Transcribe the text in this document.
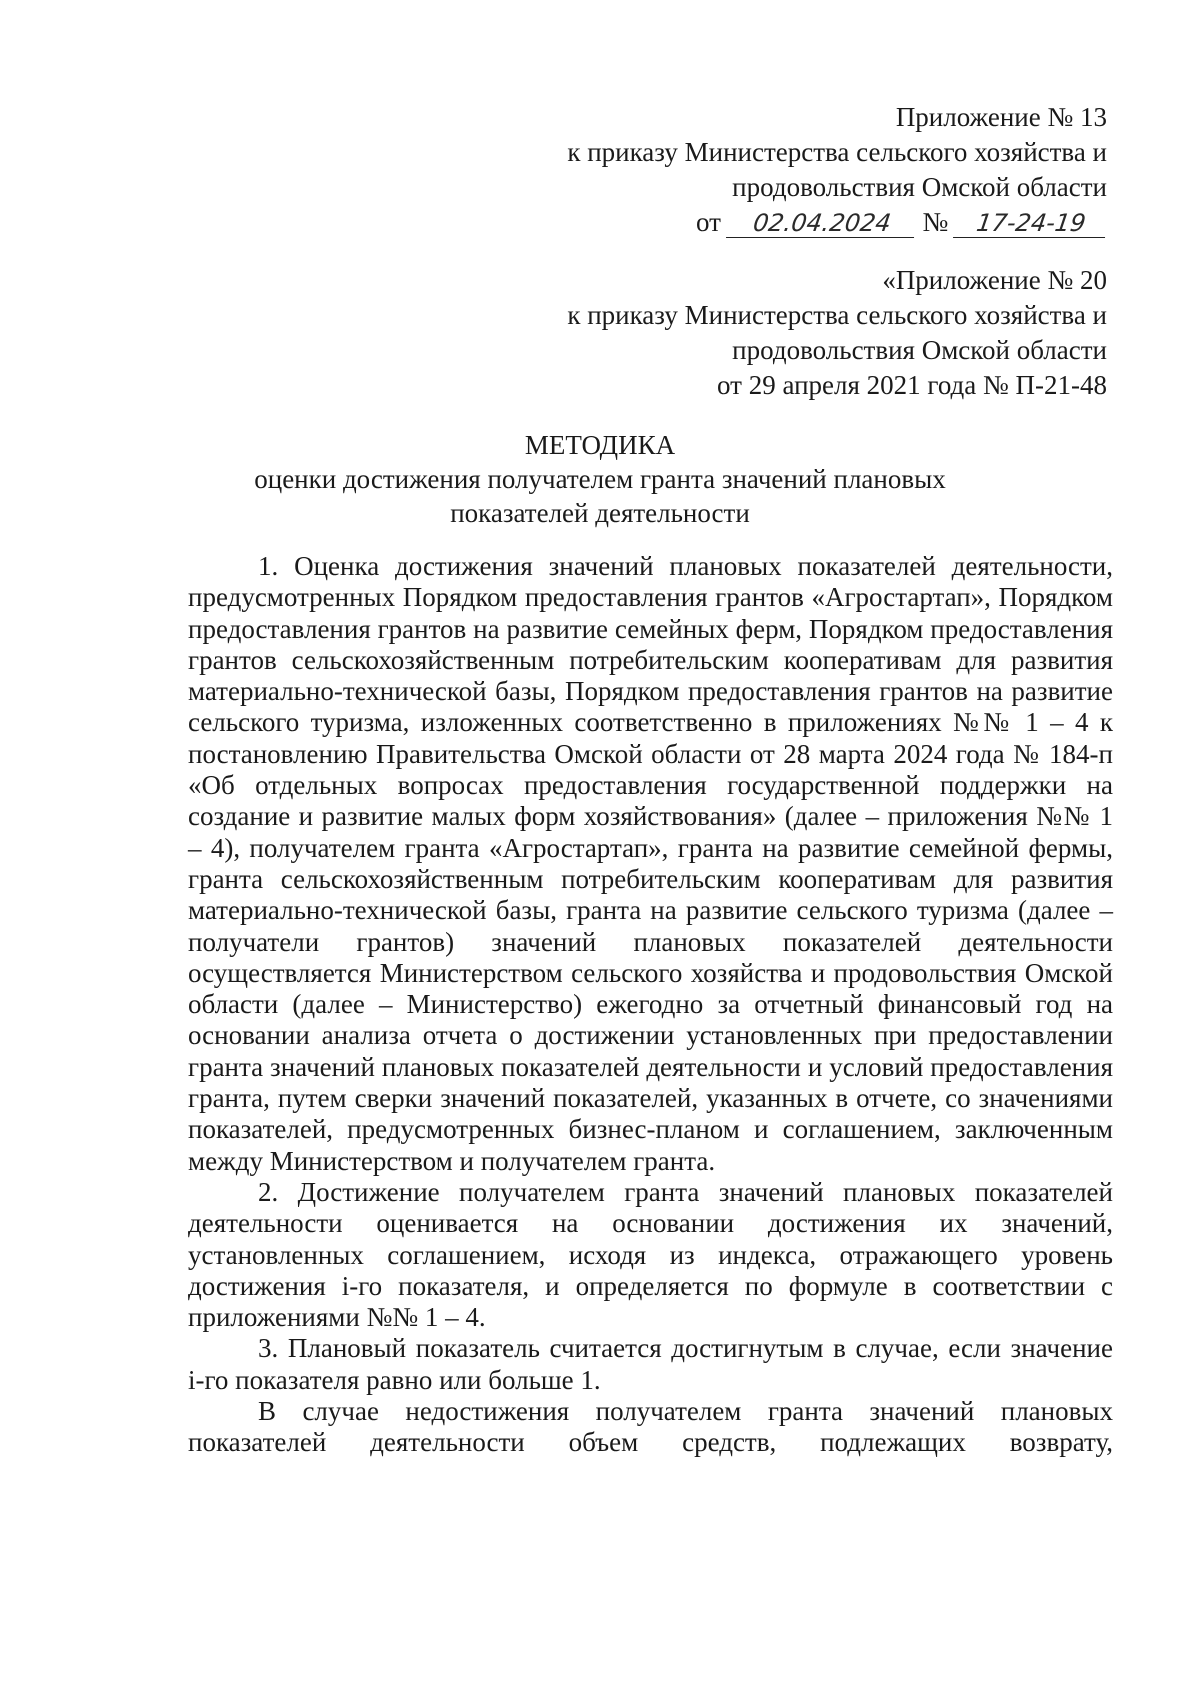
Приложение № 13
к приказу Министерства сельского хозяйства и
продовольствия Омской области
от 02.04.2024 № 17-24-19
«Приложение № 20
к приказу Министерства сельского хозяйства и
продовольствия Омской области
от 29 апреля 2021 года № П-21-48
МЕТОДИКА
оценки достижения получателем гранта значений плановых
показателей деятельности

1. Оценка достижения значений плановых показателей деятельности, предусмотренных Порядком предоставления грантов «Агростартап», Порядком предоставления грантов на развитие семейных ферм, Порядком предоставления грантов сельскохозяйственным потребительским кооперативам для развития материально-технической базы, Порядком предоставления грантов на развитие сельского туризма, изложенных соответственно в приложениях №№ 1 – 4 к постановлению Правительства Омской области от 28 марта 2024 года № 184-п «Об отдельных вопросах предоставления государственной поддержки на создание и развитие малых форм хозяйствования» (далее – приложения №№ 1 – 4), получателем гранта «Агростартап», гранта на развитие семейной фермы, гранта сельскохозяйственным потребительским кооперативам для развития материально-технической базы, гранта на развитие сельского туризма (далее – получатели грантов) значений плановых показателей деятельности осуществляется Министерством сельского хозяйства и продовольствия Омской области (далее – Министерство) ежегодно за отчетный финансовый год на основании анализа отчета о достижении установленных при предоставлении гранта значений плановых показателей деятельности и условий предоставления гранта, путем сверки значений показателей, указанных в отчете, со значениями показателей, предусмотренных бизнес-планом и соглашением, заключенным между Министерством и получателем гранта.

2. Достижение получателем гранта значений плановых показателей деятельности оценивается на основании достижения их значений, установленных соглашением, исходя из индекса, отражающего уровень достижения i-го показателя, и определяется по формуле в соответствии с приложениями №№ 1 – 4.

3. Плановый показатель считается достигнутым в случае, если значение i-го показателя равно или больше 1.

В случае недостижения получателем гранта значений плановых показателей деятельности объем средств, подлежащих возврату,
